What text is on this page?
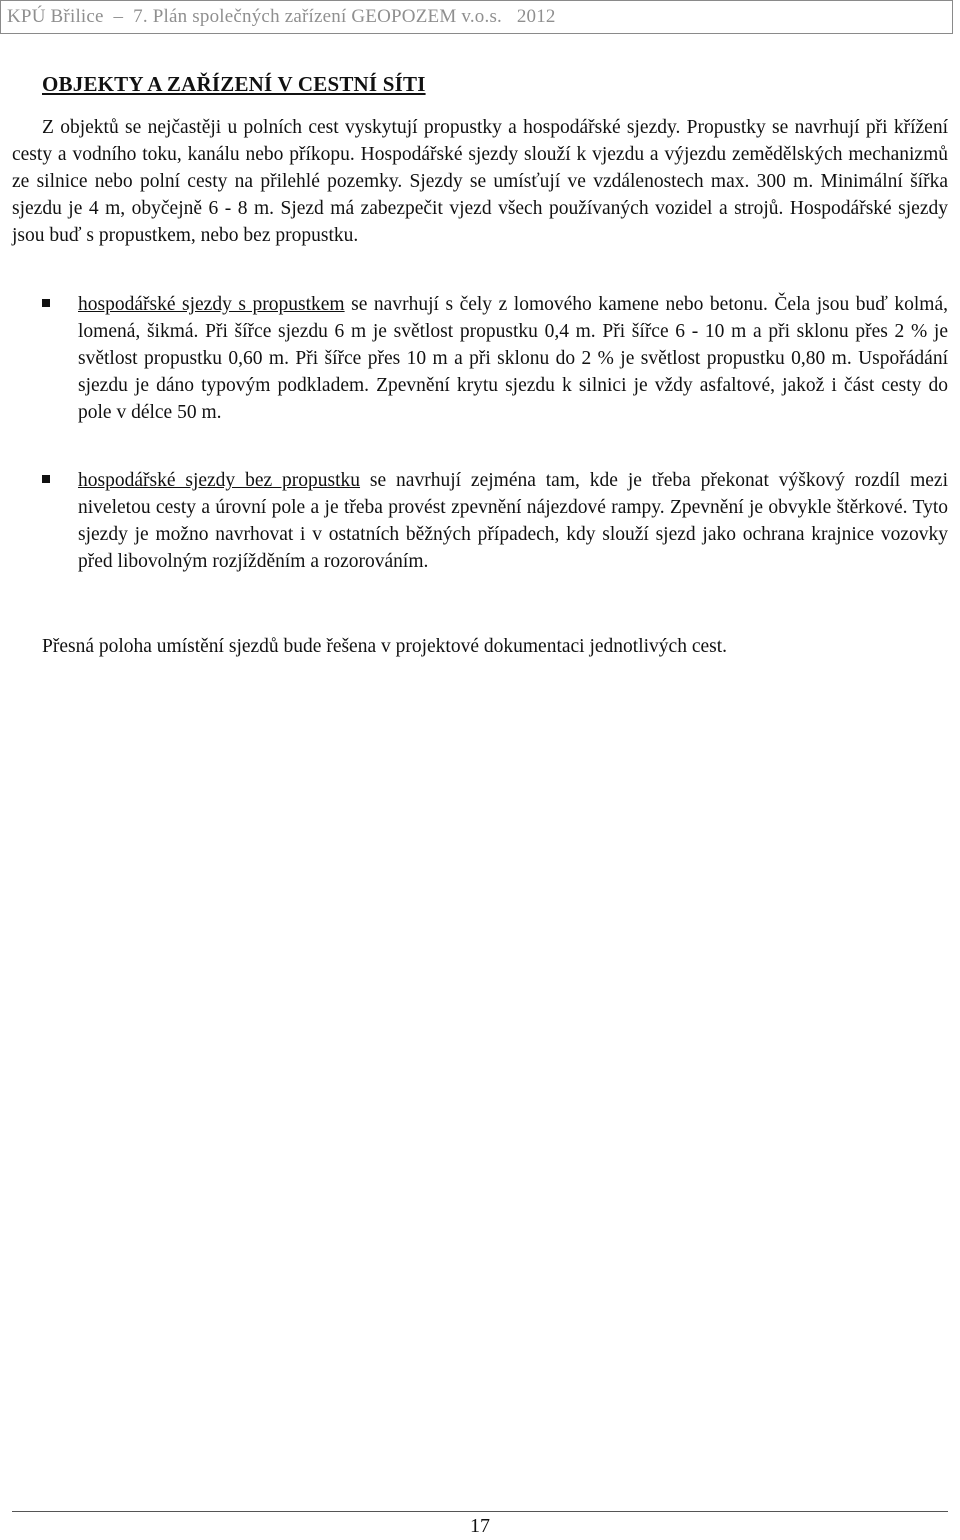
KPÚ Břilice  –  7. Plán společných zařízení GEOPOZEM v.o.s.   2012
OBJEKTY A ZAŘÍZENÍ V CESTNÍ SÍTI
Z objektů se nejčastěji u polních cest vyskytují propustky a hospodářské sjezdy. Propustky se navrhují při křížení cesty a vodního toku, kanálu nebo příkopu. Hospodářské sjezdy slouží k vjezdu a výjezdu zemědělských mechanizmů ze silnice nebo polní cesty na přilehlé pozemky. Sjezdy se umísťují ve vzdálenostech max. 300 m. Minimální šířka sjezdu je 4 m, obyčejně 6 - 8 m. Sjezd má zabezpečit vjezd všech používaných vozidel a strojů. Hospodářské sjezdy jsou buď s propustkem, nebo bez propustku.
hospodářské sjezdy s propustkem se navrhují s čely z lomového kamene nebo betonu. Čela jsou buď kolmá, lomená, šikmá. Při šířce sjezdu 6 m je světlost propustku 0,4 m. Při šířce 6 - 10 m a při sklonu přes 2 % je světlost propustku 0,60 m. Při šířce přes 10 m a při sklonu do 2 % je světlost propustku 0,80 m. Uspořádání sjezdu je dáno typovým podkladem. Zpevnění krytu sjezdu k silnici je vždy asfaltové, jakož i část cesty do pole v délce 50 m.
hospodářské sjezdy bez propustku se navrhují zejména tam, kde je třeba překonat výškový rozdíl mezi niveletou cesty a úrovní pole a je třeba provést zpevnění nájezdové rampy. Zpevnění je obvykle štěrkové. Tyto sjezdy je možno navrhovat i v ostatních běžných případech, kdy slouží sjezd jako ochrana krajnice vozovky před libovolným rozjížděním a rozorováním.
Přesná poloha umístění sjezdů bude řešena v projektové dokumentaci jednotlivých cest.
17
